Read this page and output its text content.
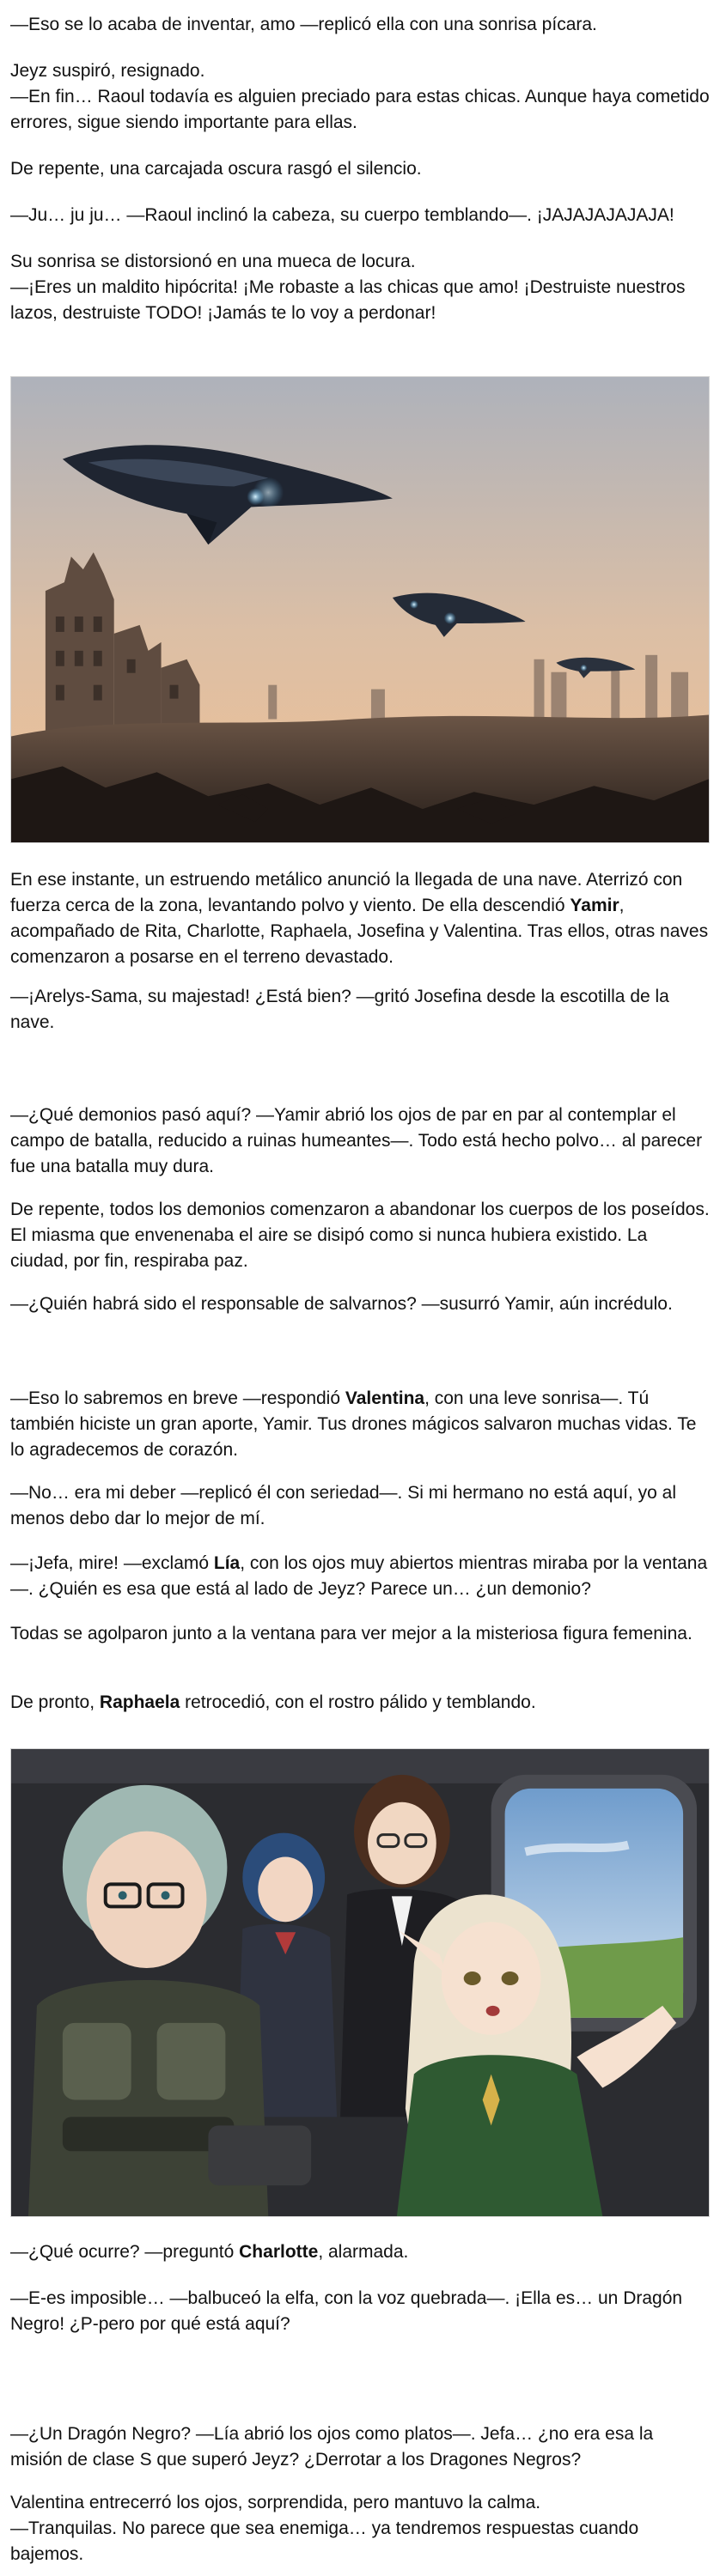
—Eso se lo acaba de inventar, amo —replicó ella con una sonrisa pícara.

Jeyz suspiró, resignado.
—En fin… Raoul todavía es alguien preciado para estas chicas. Aunque haya cometido errores, sigue siendo importante para ellas.

De repente, una carcajada oscura rasgó el silencio.

—Ju… ju ju… —Raoul inclinó la cabeza, su cuerpo temblando—. ¡JAJAJAJAJAJA!

Su sonrisa se distorsionó en una mueca de locura.
—¡Eres un maldito hipócrita! ¡Me robaste a las chicas que amo! ¡Destruiste nuestros lazos, destruiste TODO! ¡Jamás te lo voy a perdonar!

En ese instante, un estruendo metálico anunció la llegada de una nave. Aterrizó con fuerza cerca de la zona, levantando polvo y viento. De ella descendió Yamir, acompañado de Rita, Charlotte, Raphaela, Josefina y Valentina. Tras ellos, otras naves comenzaron a posarse en el terreno devastado.

—¡Arelys-Sama, su majestad! ¿Está bien? —gritó Josefina desde la escotilla de la nave.

—¿Qué demonios pasó aquí? —Yamir abrió los ojos de par en par al contemplar el campo de batalla, reducido a ruinas humeantes—. Todo está hecho polvo… al parecer fue una batalla muy dura.

De repente, todos los demonios comenzaron a abandonar los cuerpos de los poseídos. El miasma que envenenaba el aire se disipó como si nunca hubiera existido. La ciudad, por fin, respiraba paz.

—¿Quién habrá sido el responsable de salvarnos? —susurró Yamir, aún incrédulo.

—Eso lo sabremos en breve —respondió Valentina, con una leve sonrisa—. Tú también hiciste un gran aporte, Yamir. Tus drones mágicos salvaron muchas vidas. Te lo agradecemos de corazón.

—No… era mi deber —replicó él con seriedad—. Si mi hermano no está aquí, yo al menos debo dar lo mejor de mí.

—¡Jefa, mire! —exclamó Lía, con los ojos muy abiertos mientras miraba por la ventana—. ¿Quién es esa que está al lado de Jeyz? Parece un… ¿un demonio?

Todas se agolparon junto a la ventana para ver mejor a la misteriosa figura femenina.

De pronto, Raphaela retrocedió, con el rostro pálido y temblando.

—¿Qué ocurre? —preguntó Charlotte, alarmada.

—E-es imposible… —balbuceó la elfa, con la voz quebrada—. ¡Ella es… un Dragón Negro! ¿P-pero por qué está aquí?

—¿Un Dragón Negro? —Lía abrió los ojos como platos—. Jefa… ¿no era esa la misión de clase S que superó Jeyz? ¿Derrotar a los Dragones Negros?

Valentina entrecerró los ojos, sorprendida, pero mantuvo la calma.
—Tranquilas. No parece que sea enemiga… ya tendremos respuestas cuando bajemos.
